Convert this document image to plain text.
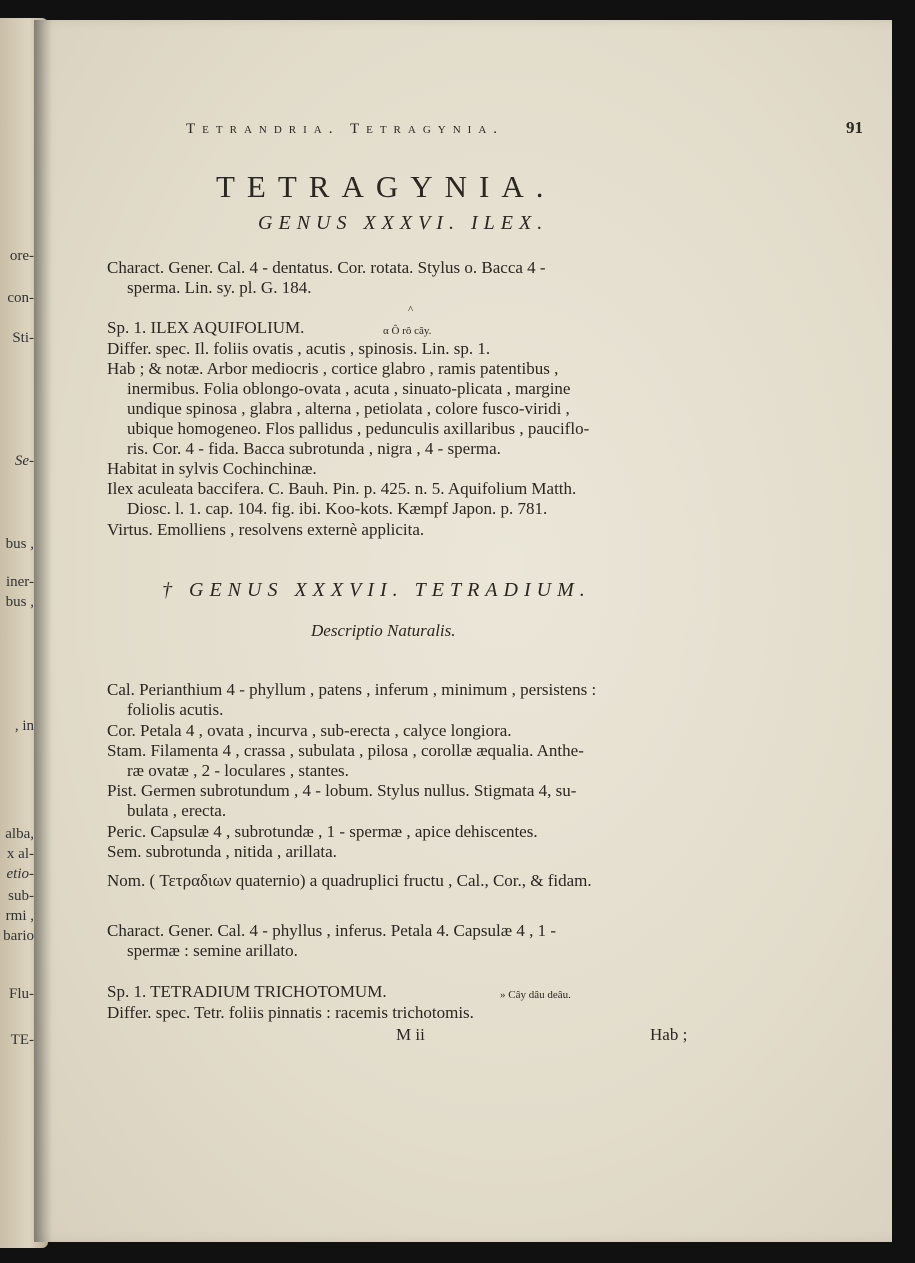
ore-
con-
Sti-
Se-
bus ,
iner-
bus ,
, in
alba,
x al-
etio-
sub-
rmi ,
bario
Flu-
TE-
Tetrandria. Tetragynia.	91
TETRAGYNIA.
GENUS XXXVI. ILEX.
Charact. Gener. Cal. 4 - dentatus. Cor. rotata. Stylus o. Bacca 4 -
sperma. Lin. sy. pl. G. 184.
^
Sp. 1. ILEX AQUIFOLIUM.	α Ô rô cây.
Differ. spec. Il. foliis ovatis , acutis , spinosis. Lin. sp. 1.
Hab ; & notæ. Arbor mediocris , cortice glabro , ramis patentibus ,
inermibus. Folia oblongo-ovata , acuta , sinuato-plicata , margine
undique spinosa , glabra , alterna , petiolata , colore fusco-viridi ,
ubique homogeneo. Flos pallidus , pedunculis axillaribus , pauciflo-
ris. Cor. 4 - fida. Bacca subrotunda , nigra , 4 - sperma.
Habitat in sylvis Cochinchinæ.
Ilex aculeata baccifera. C. Bauh. Pin. p. 425. n. 5. Aquifolium Matth.
Diosc. l. 1. cap. 104. fig. ibi. Koo-kots. Kæmpf Japon. p. 781.
Virtus. Emolliens , resolvens externè applicita.
† GENUS XXXVII. TETRADIUM.
Descriptio Naturalis.
Cal. Perianthium 4 - phyllum , patens , inferum , minimum , persistens :
foliolis acutis.
Cor. Petala 4 , ovata , incurva , sub-erecta , calyce longiora.
Stam. Filamenta 4 , crassa , subulata , pilosa , corollæ æqualia. Anthe-
ræ ovatæ , 2 - loculares , stantes.
Pist. Germen subrotundum , 4 - lobum. Stylus nullus. Stigmata 4, su-
bulata , erecta.
Peric. Capsulæ 4 , subrotundæ , 1 - spermæ , apice dehiscentes.
Sem. subrotunda , nitida , arillata.
Nom. ( Τετραδιων quaternio) a quadruplici fructu , Cal., Cor., & fidam.
Charact. Gener. Cal. 4 - phyllus , inferus. Petala 4. Capsulæ 4 , 1 -
spermæ : semine arillato.
Sp. 1. TETRADIUM TRICHOTOMUM.	» Cây dâu deâu.
Differ. spec. Tetr. foliis pinnatis : racemis trichotomis.
M ii	Hab ;
